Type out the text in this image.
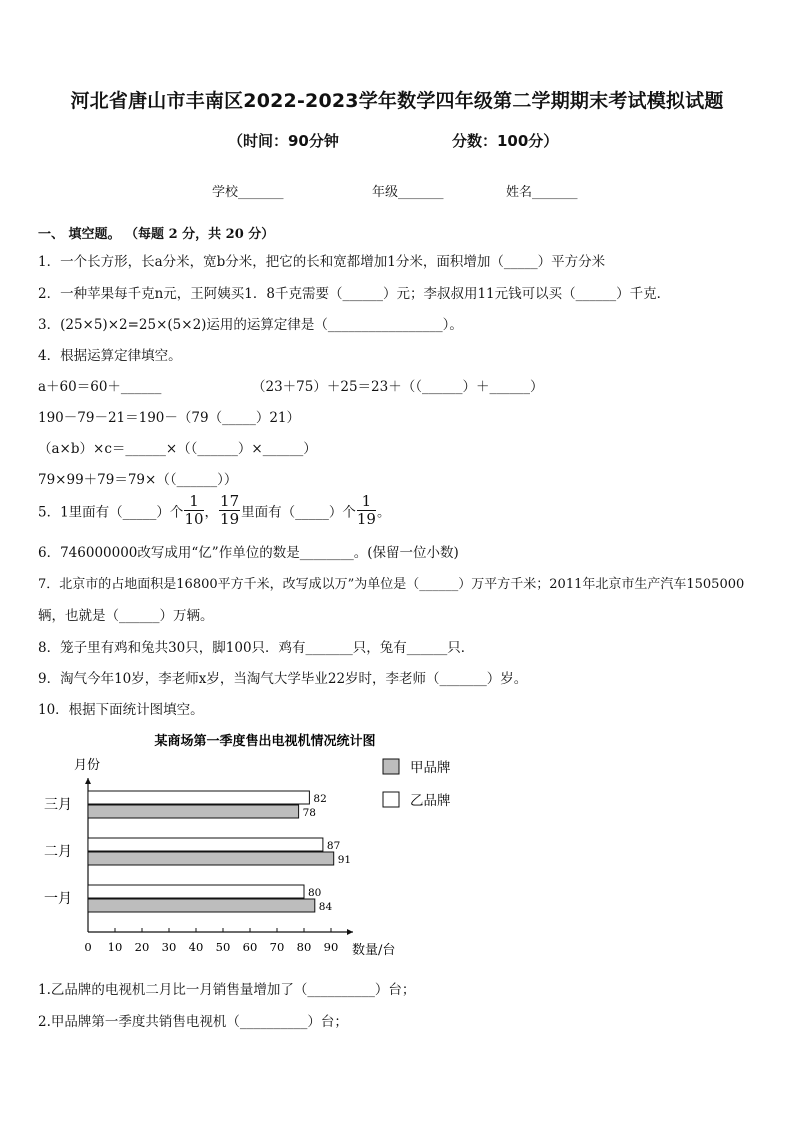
河北省唐山市丰南区2022-2023学年数学四年级第二学期期末考试模拟试题
（时间：90分钟	分数：100分）
学校_______	年级_______	姓名_______
一、 填空题。 （每题 2 分，共 20 分）
1．一个长方形，长a分米，宽b分米，把它的长和宽都增加1分米，面积增加（_____）平方分米
2．一种苹果每千克n元，王阿姨买1．8千克需要（______）元；李叔叔用11元钱可以买（______）千克．
3．(25×5)×2=25×(5×2)运用的运算定律是（_________________）。
4．根据运算定律填空。
a＋60＝60＋______	（23＋75）＋25＝23＋（（______）＋______）
190－79－21＝190－（79（_____）21）
（a×b）×c＝______×（（______）×______）
79×99＋79＝79×（（______））
5．1里面有（_____）个 $\frac{1}{10}$ ， $\frac{17}{19}$ 里面有（_____）个 $\frac{1}{19}$ 。
6．746000000改写成用“亿”作单位的数是________。(保留一位小数)
7．北京市的占地面积是16800平方千米，改写成以万”为单位是（______）万平方千米；2011年北京市生产汽车1505000
辆，也就是（______）万辆。
8．笼子里有鸡和兔共30只，脚100只．鸡有_______只，兔有______只．
9．淘气今年10岁，李老师x岁，当淘气大学毕业22岁时，李老师（_______）岁。
10．根据下面统计图填空。
某商场第一季度售出电视机情况统计图
月份
数量/台
甲品牌
乙品牌
0 10 20 30 40 50 60 70 80 90
三月	82
78
二月	87
91
一月	80
84
1.乙品牌的电视机二月比一月销售量增加了（__________）台；
2.甲品牌第一季度共销售电视机（__________）台；
